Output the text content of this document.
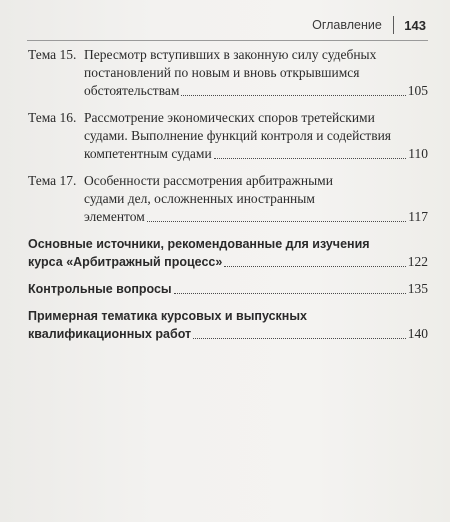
Оглавление 143
Тема 15. Пересмотр вступивших в законную силу судебных
постановлений по новым и вновь открывшимся
обстоятельствам	105
Тема 16. Рассмотрение экономических споров третейскими
судами. Выполнение функций контроля и содействия
компетентным судами	110
Тема 17. Особенности рассмотрения арбитражными
судами дел, осложненных иностранным
элементом	117
Основные источники, рекомендованные для изучения
курса «Арбитражный процесс»	122
Контрольные вопросы	135
Примерная тематика курсовых и выпускных
квалификационных работ	140
